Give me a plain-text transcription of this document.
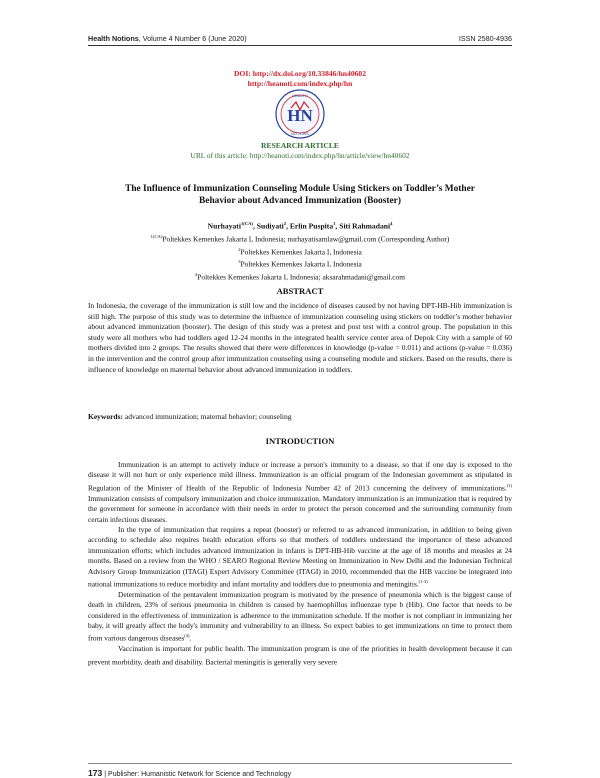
Health Notions, Volume 4 Number 6 (June 2020)	ISSN 2580-4936
DOI: http://dx.doi.org/10.33846/hn40602
http://heanoti.com/index.php/hn
HEALTH
HN
NOTIONS
RESEARCH ARTICLE
URL of this article: http://heanoti.com/index.php/hn/article/view/hn40602
The Influence of Immunization Counseling Module Using Stickers on Toddler’s Mother
Behavior about Advanced Immunization (Booster)
Nurhayati$^{1(CA)}$, Sudiyati$^2$, Erlin Puspita$^3$, Siti Rahmadani$^4$
$^{1(CA)}$Poltekkes Kemenkes Jakarta I, Indonesia; nurhayatisamlaw@gmail.com (Corresponding Author)
$^2$Poltekkes Kemenkes Jakarta I, Indonesia
$^3$Poltekkes Kemenkes Jakarta I, Indonesia
$^4$Poltekkes Kemenkes Jakarta I, Indonesia; aksarahmadani@gmail.com
ABSTRACT
In Indonesia, the coverage of the immunization is still low and the incidence of diseases caused by not having DPT-HB-Hib immunization is still high. The purpose of this study was to determine the influence of immunization counseling using stickers on toddler’s mother behavior about advanced immunization (booster). The design of this study was a pretest and post test with a control group. The population in this study were all mothers who had toddlers aged 12-24 months in the integrated health service center area of Depok City with a sample of 60 mothers divided into 2 groups. The results showed that there were differences in knowledge (p-value = 0.011) and actions (p-value = 0.036) in the intervention and the control group after immunization counseling using a counseling module and stickers. Based on the results, there is influence of knowledge on maternal behavior about advanced immunization in toddlers.
Keywords: advanced immunization; maternal behavior; counseling
INTRODUCTION

Immunization is an attempt to actively induce or increase a person's immunity to a disease, so that if one day is exposed to the disease it will not hurt or only experience mild illness. Immunization is an official program of the Indonesian government as stipulated in Regulation of the Minister of Health of the Republic of Indonesia Number 42 of 2013 concerning the delivery of immunizations.$^{(1)}$ Immunization consists of compulsory immunization and choice immunization. Mandatory immunization is an immunization that is required by the government for someone in accordance with their needs in order to protect the person concerned and the surrounding community from certain infectious diseases.

In the type of immunization that requires a repeat (booster) or referred to as advanced immunization, in addition to being given according to schedule also requires health education efforts so that mothers of toddlers understand the importance of these advanced immunization efforts; which includes advanced immunization in infants is DPT-HB-Hib vaccine at the age of 18 months and measles at 24 months. Based on a review from the WHO / SEARO Regional Review Meeting on Immunization in New Delhi and the Indonesian Technical Advisory Group Immunization (ITAGI) Expert Advisory Committee (ITAGI) in 2010, recommended that the HIB vaccine be integrated into national immunizations to reduce morbidity and infant mortality and toddlers due to pneumonia and meningitis.$^{(1-3)}$

Determination of the pentavalent immunization program is motivated by the presence of pneumonia which is the biggest cause of death in children, 23% of serious pneumonia in children is caused by haemophillus influenzae type b (Hib). One factor that needs to be considered in the effectiveness of immunization is adherence to the immunization schedule. If the mother is not compliant in immunizing her baby, it will greatly affect the body's immunity and vulnerability to an illness. So expect babies to get immunizations on time to protect them from various dangerous diseases$^{(4)}$.

Vaccination is important for public health. The immunization program is one of the priorities in health development because it can prevent morbidity, death and disability. Bacterial meningitis is generally very severe

173 | Publisher: Humanistic Network for Science and Technology
